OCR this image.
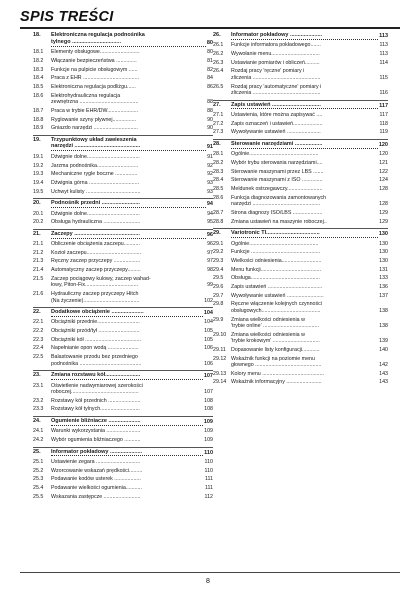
SPIS TREŚCI
18.	Elektroniczna regulacja podnośnika
tylnego ................................	80
18.1	Elementy obsługowe...........................	80
18.2	Włączanie bezpieczeństwa ..............	81
18.3	Funkcje na pulpicie obsługowym ......	82
18.4	Praca z EHR ......................................	84
18.5	Elektroniczna regulacja podliżgu......	86
18.6	Elektrohydrauliczna regulacja
zewnętrzna ........................................	88
18.7	Praca w trybie EHR/DW.....................	88
18.8	Ryglowanie szyny pływnej................	90
18.9	Gniazdo narzędzi ..............................	90
19.	Trzypunktowy układ zawieszenia
narzędzi ...........................................	91
19.1	Dźwignie dolne....................................	91
19.2	Jarzma podnośnika............................	92
19.3	Mechaniczne rygle boczne ...............	92
19.4	Dźwignia górna ..................................	93
19.5	Uchwyt kulisty .....................................	93
20.	Podnośnik przedni .........................	94
20.1	Dźwignie dolne....................................	94
20.2	Obsługa hydrauliczna .........................	95
21.	Zaczepy ...........................................	96
21.1	Obliczenie obciążenia zaczepu...........	96
21.2	Kozioł zaczepu.....................................	97
21.3	Ręczny zaczep przyczepy ..................	97
21.4	Automatyczny zaczep przyczepy.........	98
21.5	Zaczep pociągowy kulowy, zaczep wahad-
łowy, Piton-Fix....................................	99
21.6	Hydrauliczny zaczep przyczepy Hitch
(Na życzenie)......................................	102
22.	Dodatkowe obciążenie .....................	104
22.1	Obciążniki przednie.............................	104
22.2	Obciążniki przód/tył ............................	105
22.3	Obciążniki kół ......................................	105
22.4	Napełnianie opon wodą .....................	106
22.5	Balastowanie przodu bez przedniego
podnośnika ..........................................	106
23.	Zmiana rozstawu kół.......................	107
23.1	Oświetlenie nadwymiarowej szerokości
roboczej..............................................	107
23.2	Rozstawy kół przednich ......................	108
23.3	Rozstawy kół tylnych...........................	108
24.	Ogumienie bliźniacze .....................	109
24.1	Warunki wykorzystania .......................	109
24.2	Wybór ogumienia bliźniaczego ...........	109
25.	Informator pokładowy .....................	110
25.1	Ustawienie zegara ..............................	110
25.2	Wzorcowanie wskazań prędkości.........	110
25.3	Podawanie kodów usterek ..................	111
25.4	Podawanie wielkości ogumienia...........	111
25.5	Wskazania zastępcze .........................	112
26.	Informator pokładowy .....................	113
26.1	Funkcje informatora pokładowego.......	113
26.2	Wywołanie menu.................................	113
26.3	Ustawianie pomiarów i obliczeń..........	114
26.4	Rozdaj pracy 'ręczne' pomiary i
zliczenia ..............................................	115
26.5	Rozdaj pracy 'automatyczne' pomiary i
zliczenia ..............................................	116
27.	Zapis ustawień ................................	117
27.1	Ustawienia, które można zapisywać ....	117
27.2	Zapis oznaczeń i ustawień....................	118
27.3	Wywoływanie ustawień .......................	119
28.	Sterowanie narzędziami ..................	120
28.1	Ogólnie...............................................	120
28.2	Wybór trybu sterowania narzędziami....	121
28.3	Sterowanie maszynami przez LBS .......	122
28.4	Sterowanie maszynami z ISO ..............	124
28.5	Meldunek ostrzegawczy........................	128
28.6	Funkcja diagnozowania zamontowanych
narzędzi ..............................................	128
28.7	Strona diagnozy ISO/LBS ....................	129
28.8	Zmiana ustawień na maszynie roboczej..	129
29.	Variotronic TI...................................	130
29.1	Ogólnie...............................................	130
29.2	Funkcje ...............................................	130
29.3	Wielkości odniesienia...........................	130
29.4	Menu funkcji.........................................	131
29.5	Obsługa...............................................	133
29.6	Zapis ustawień .....................................	136
29.7	Wywoływanie ustawień .........................	137
29.8	Ręczne włączenie kolejnych czynności
obsługowych........................................	138
29.9	Zmiana wielkości odniesienia w
'trybie online' ......................................	138
29.10 Zmiana wielkości odniesienia w
'trybie krokowym' ................................	139
29.11 Dopasowanie listy konfiguracji............	140
29.12 Wskaźnik funkcji na poziomie menu
głownego .............................................	142
29.13 Kolory menu ..........................................	143
29.14 Wskaźnik informacyjny ........................	143
8
